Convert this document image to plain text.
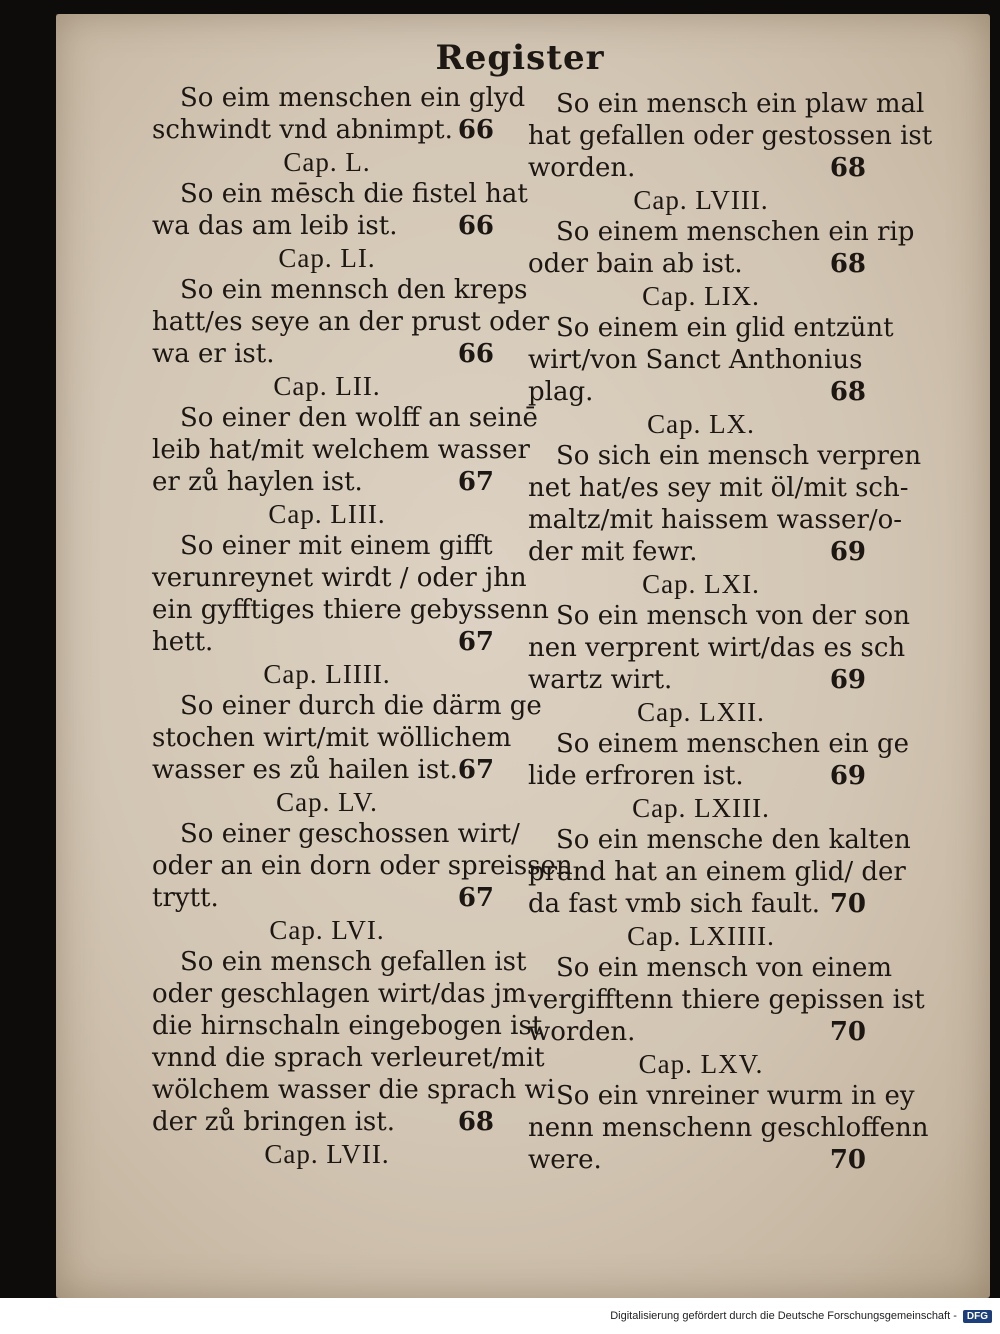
Register
So eim menschen ein glyd
schwindt vnd abnimpt. 66
Cap. L.
So ein mēsch die fistel hat
wa das am leib ist. 66
Cap. LI.
So ein mennsch den kreps
hatt/es seye an der prust oder
wa er ist.	66
Cap. LII.
So einer den wolff an seinē
leib hat/mit welchem wasser
er zů haylen ist.	67
Cap. LIII.
So einer mit einem gifft
verunreynet wirdt / oder jhn
ein gyfftiges thiere gebyssenn
hett.	67
Cap. LIIII.
So einer durch die därm ge
stochen wirt/mit wöllichem
wasser es zů hailen ist. 67
Cap. LV.
So einer geschossen wirt/
oder an ein dorn oder spreissen
trytt.	67
Cap. LVI.
So ein mensch gefallen ist
oder geschlagen wirt/das jm
die hirnschaln eingebogen ist
vnnd die sprach verleuret/mit
wölchem wasser die sprach wi
der zů bringen ist. 68
Cap. LVII.
So ein mensch ein plaw mal
hat gefallen oder gestossen ist
worden.	68
Cap. LVIII.
So einem menschen ein rip
oder bain ab ist.	68
Cap. LIX.
So einem ein glid entzünt
wirt/von Sanct Anthonius
plag.	68
Cap. LX.
So sich ein mensch verpren
net hat/es sey mit öl/mit sch-
maltz/mit haissem wasser/o-
der mit fewr.	69
Cap. LXI.
So ein mensch von der son
nen verprent wirt/das es sch
wartz wirt.	69
Cap. LXII.
So einem menschen ein ge
lide erfroren ist.	69
Cap. LXIII.
So ein mensche den kalten
prand hat an einem glid/ der
da fast vmb sich fault. 70
Cap. LXIIII.
So ein mensch von einem
vergifftenn thiere gepissen ist
worden.	70
Cap. LXV.
So ein vnreiner wurm in ey
nenn menschenn geschloffenn
were.	70
Digitalisierung gefördert durch die Deutsche Forschungsgemeinschaft -	DFG
